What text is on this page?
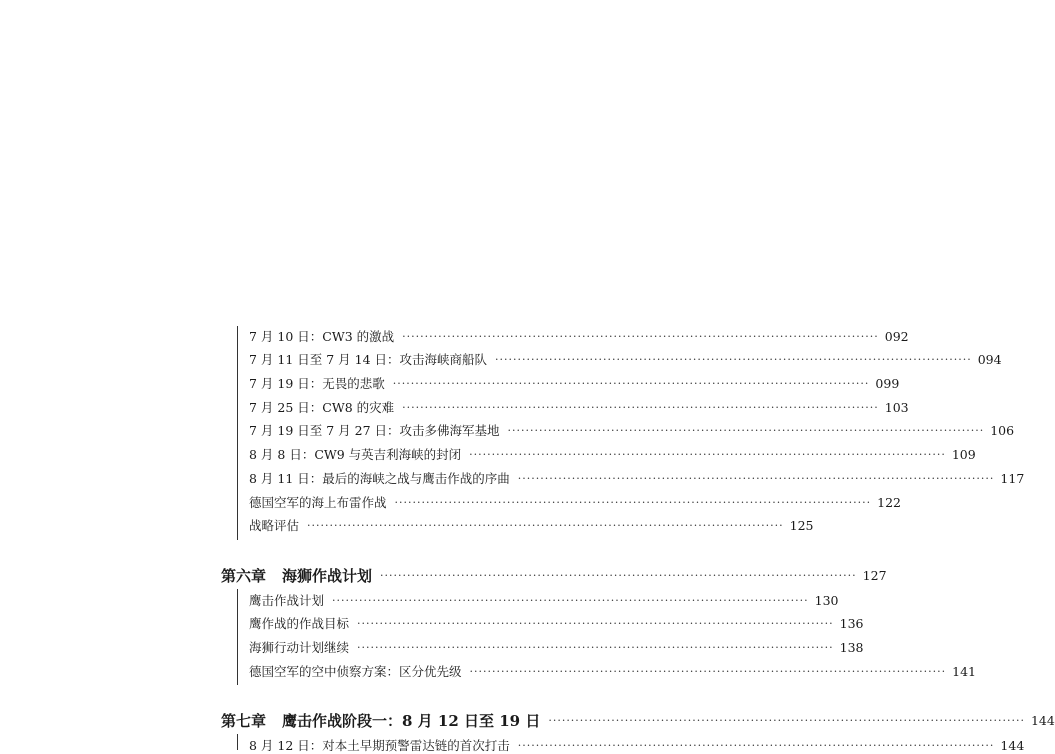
7 月 10 日：CW3 的激战 ·········································································································· 092
7 月 11 日至 7 月 14 日：攻击海峡商船队 ·········································································································· 094
7 月 19 日：无畏的悲歌 ·········································································································· 099
7 月 25 日：CW8 的灾难 ·········································································································· 103
7 月 19 日至 7 月 27 日：攻击多佛海军基地 ·········································································································· 106
8 月 8 日：CW9 与英吉利海峡的封闭 ·········································································································· 109
8 月 11 日：最后的海峡之战与鹰击作战的序曲 ·········································································································· 117
德国空军的海上布雷作战 ·········································································································· 122
战略评估 ·········································································································· 125
第六章 海狮作战计划 ·········································································································· 127
鹰击作战计划 ·········································································································· 130
鹰作战的作战目标 ·········································································································· 136
海狮行动计划继续 ·········································································································· 138
德国空军的空中侦察方案：区分优先级 ·········································································································· 141
第七章 鹰击作战阶段一：8 月 12 日至 19 日 ·········································································································· 144
8 月 12 日：对本土早期预警雷达链的首次打击 ·········································································································· 144
